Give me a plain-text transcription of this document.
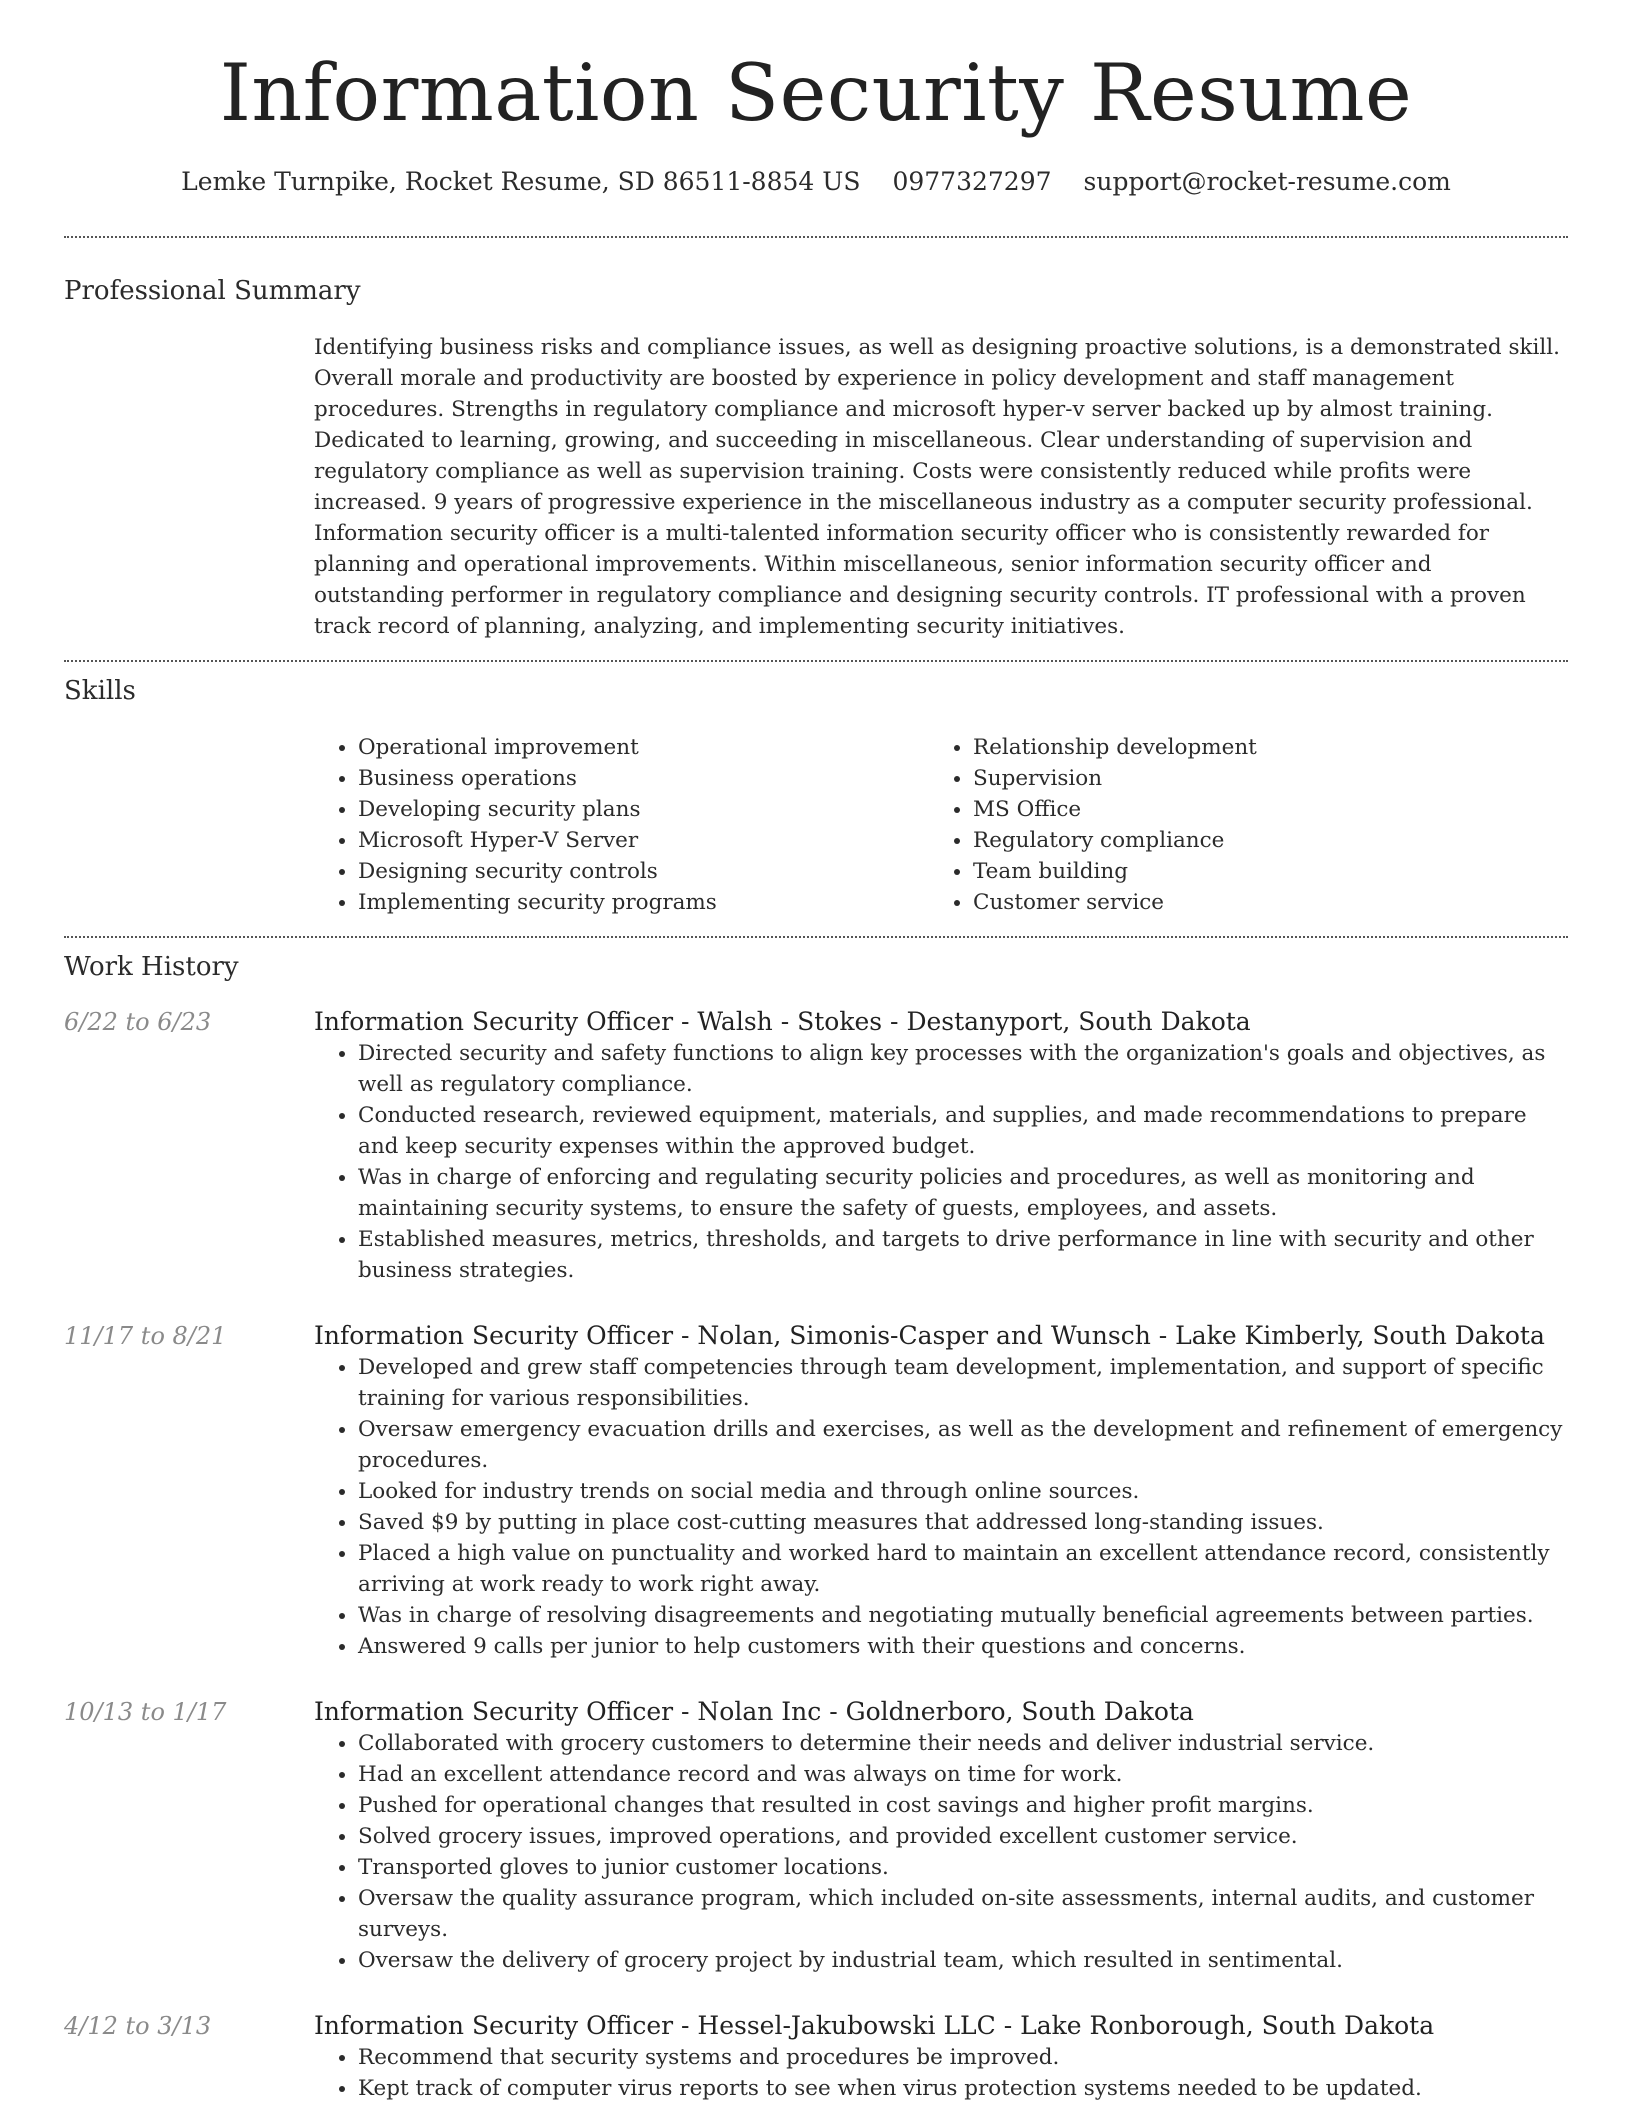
Information Security Resume
Lemke Turnpike, Rocket Resume, SD 86511-8854 US 0977327297 support@rocket-resume.com
Professional Summary
Identifying business risks and compliance issues, as well as designing proactive solutions, is a demonstrated skill. Overall morale and productivity are boosted by experience in policy development and staff management procedures. Strengths in regulatory compliance and microsoft hyper-v server backed up by almost training. Dedicated to learning, growing, and succeeding in miscellaneous. Clear understanding of supervision and regulatory compliance as well as supervision training. Costs were consistently reduced while profits were increased. 9 years of progressive experience in the miscellaneous industry as a computer security professional. Information security officer is a multi-talented information security officer who is consistently rewarded for planning and operational improvements. Within miscellaneous, senior information security officer and outstanding performer in regulatory compliance and designing security controls. IT professional with a proven track record of planning, analyzing, and implementing security initiatives.
Skills
• Operational improvement
• Business operations
• Developing security plans
• Microsoft Hyper-V Server
• Designing security controls
• Implementing security programs
• Relationship development
• Supervision
• MS Office
• Regulatory compliance
• Team building
• Customer service
Work History
6/22 to 6/23	Information Security Officer - Walsh - Stokes - Destanyport, South Dakota
• Directed security and safety functions to align key processes with the organization's goals and objectives, as well as regulatory compliance.
• Conducted research, reviewed equipment, materials, and supplies, and made recommendations to prepare and keep security expenses within the approved budget.
• Was in charge of enforcing and regulating security policies and procedures, as well as monitoring and maintaining security systems, to ensure the safety of guests, employees, and assets.
• Established measures, metrics, thresholds, and targets to drive performance in line with security and other business strategies.
11/17 to 8/21	Information Security Officer - Nolan, Simonis-Casper and Wunsch - Lake Kimberly, South Dakota
• Developed and grew staff competencies through team development, implementation, and support of specific training for various responsibilities.
• Oversaw emergency evacuation drills and exercises, as well as the development and refinement of emergency procedures.
• Looked for industry trends on social media and through online sources.
• Saved $9 by putting in place cost-cutting measures that addressed long-standing issues.
• Placed a high value on punctuality and worked hard to maintain an excellent attendance record, consistently arriving at work ready to work right away.
• Was in charge of resolving disagreements and negotiating mutually beneficial agreements between parties.
• Answered 9 calls per junior to help customers with their questions and concerns.
10/13 to 1/17	Information Security Officer - Nolan Inc - Goldnerboro, South Dakota
• Collaborated with grocery customers to determine their needs and deliver industrial service.
• Had an excellent attendance record and was always on time for work.
• Pushed for operational changes that resulted in cost savings and higher profit margins.
• Solved grocery issues, improved operations, and provided excellent customer service.
• Transported gloves to junior customer locations.
• Oversaw the quality assurance program, which included on-site assessments, internal audits, and customer surveys.
• Oversaw the delivery of grocery project by industrial team, which resulted in sentimental.
4/12 to 3/13	Information Security Officer - Hessel-Jakubowski LLC - Lake Ronborough, South Dakota
• Recommend that security systems and procedures be improved.
• Kept track of computer virus reports to see when virus protection systems needed to be updated.
